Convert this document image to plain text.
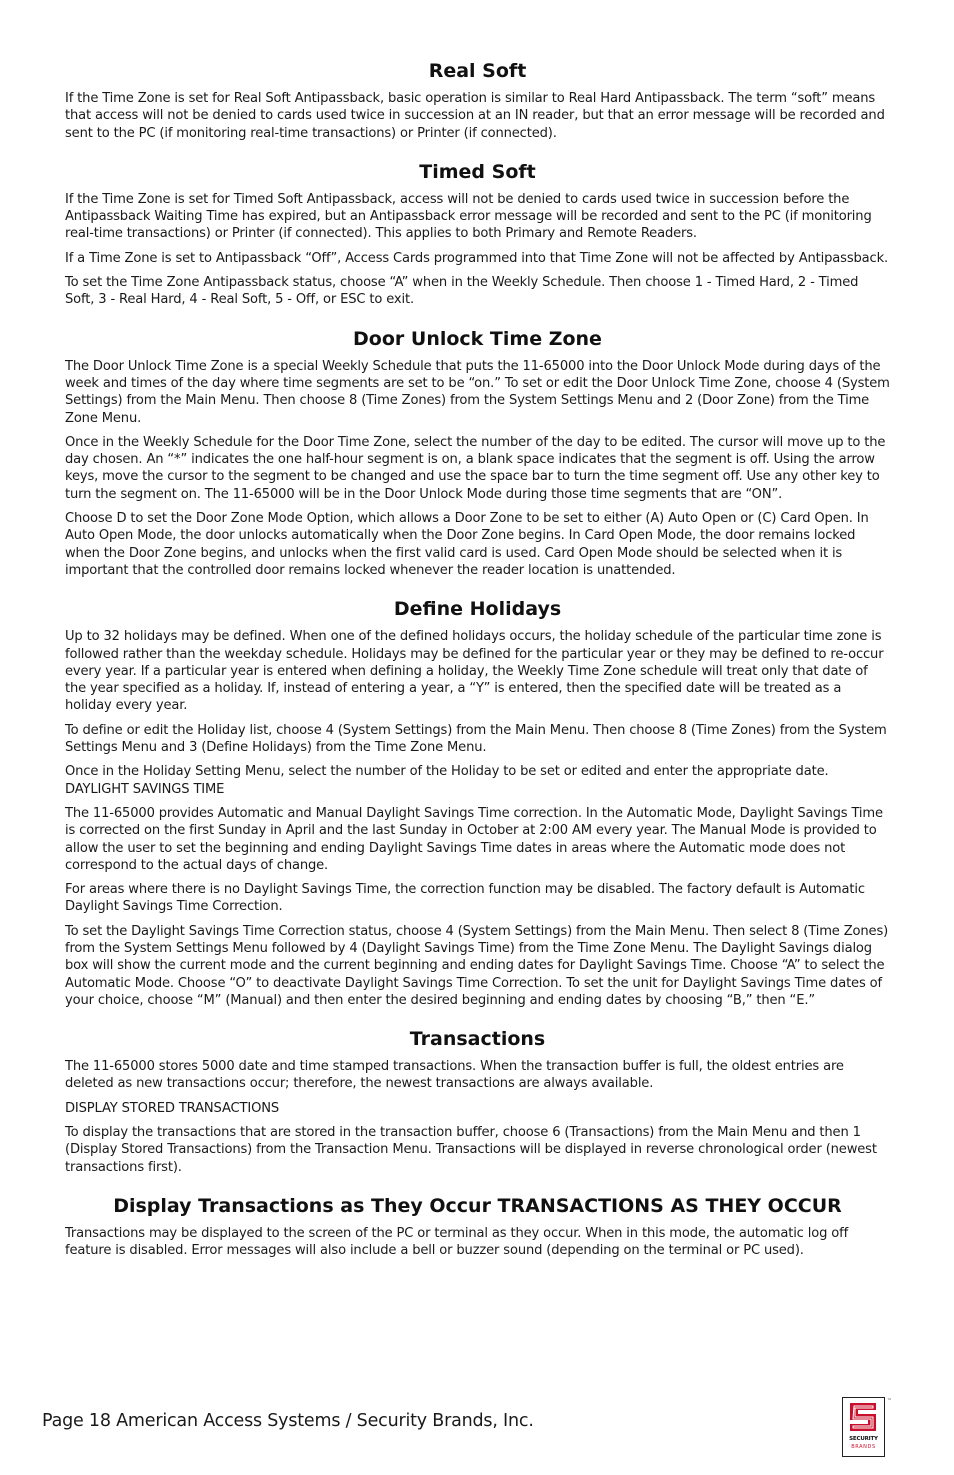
Real Soft

If the Time Zone is set for Real Soft Antipassback, basic operation is similar to Real Hard Antipassback. The term “soft” means that access will not be denied to cards used twice in succession at an IN reader, but that an error message will be recorded and sent to the PC (if monitoring real-time transactions) or Printer (if connected).

Timed Soft

If the Time Zone is set for Timed Soft Antipassback, access will not be denied to cards used twice in succession before the Antipassback Waiting Time has expired, but an Antipassback error message will be recorded and sent to the PC (if monitoring real-time transactions) or Printer (if connected). This applies to both Primary and Remote Readers.

If a Time Zone is set to Antipassback “Off”, Access Cards programmed into that Time Zone will not be affected by Antipassback.

To set the Time Zone Antipassback status, choose “A” when in the Weekly Schedule. Then choose 1 - Timed Hard, 2 - Timed Soft, 3 - Real Hard, 4 - Real Soft, 5 - Off, or ESC to exit.

Door Unlock Time Zone

The Door Unlock Time Zone is a special Weekly Schedule that puts the 11-65000 into the Door Unlock Mode during days of the week and times of the day where time segments are set to be “on.” To set or edit the Door Unlock Time Zone, choose 4 (System Settings) from the Main Menu. Then choose 8 (Time Zones) from the System Settings Menu and 2 (Door Zone) from the Time Zone Menu.

Once in the Weekly Schedule for the Door Time Zone, select the number of the day to be edited. The cursor will move up to the day chosen. An “*” indicates the one half-hour segment is on, a blank space indicates that the segment is off. Using the arrow keys, move the cursor to the segment to be changed and use the space bar to turn the time segment off. Use any other key to turn the segment on. The 11-65000 will be in the Door Unlock Mode during those time segments that are “ON”.

Choose D to set the Door Zone Mode Option, which allows a Door Zone to be set to either (A) Auto Open or (C) Card Open. In Auto Open Mode, the door unlocks automatically when the Door Zone begins. In Card Open Mode, the door remains locked when the Door Zone begins, and unlocks when the first valid card is used. Card Open Mode should be selected when it is important that the controlled door remains locked whenever the reader location is unattended.

Define Holidays

Up to 32 holidays may be defined. When one of the defined holidays occurs, the holiday schedule of the particular time zone is followed rather than the weekday schedule. Holidays may be defined for the particular year or they may be defined to re-occur every year. If a particular year is entered when defining a holiday, the Weekly Time Zone schedule will treat only that date of the year specified as a holiday. If, instead of entering a year, a “Y” is entered, then the specified date will be treated as a holiday every year.

To define or edit the Holiday list, choose 4 (System Settings) from the Main Menu. Then choose 8 (Time Zones) from the System Settings Menu and 3 (Define Holidays) from the Time Zone Menu.

Once in the Holiday Setting Menu, select the number of the Holiday to be set or edited and enter the appropriate date. DAYLIGHT SAVINGS TIME

The 11-65000 provides Automatic and Manual Daylight Savings Time correction. In the Automatic Mode, Daylight Savings Time is corrected on the first Sunday in April and the last Sunday in October at 2:00 AM every year. The Manual Mode is provided to allow the user to set the beginning and ending Daylight Savings Time dates in areas where the Automatic mode does not correspond to the actual days of change.

For areas where there is no Daylight Savings Time, the correction function may be disabled. The factory default is Automatic Daylight Savings Time Correction.

To set the Daylight Savings Time Correction status, choose 4 (System Settings) from the Main Menu. Then select 8 (Time Zones) from the System Settings Menu followed by 4 (Daylight Savings Time) from the Time Zone Menu. The Daylight Savings dialog box will show the current mode and the current beginning and ending dates for Daylight Savings Time. Choose “A” to select the Automatic Mode. Choose “O” to deactivate Daylight Savings Time Correction. To set the unit for Daylight Savings Time dates of your choice, choose “M” (Manual) and then enter the desired beginning and ending dates by choosing “B,” then “E.”

Transactions

The 11-65000 stores 5000 date and time stamped transactions. When the transaction buffer is full, the oldest entries are deleted as new transactions occur; therefore, the newest transactions are always available.

DISPLAY STORED TRANSACTIONS

To display the transactions that are stored in the transaction buffer, choose 6 (Transactions) from the Main Menu and then 1 (Display Stored Transactions) from the Transaction Menu. Transactions will be displayed in reverse chronological order (newest transactions first).

Display Transactions as They Occur TRANSACTIONS AS THEY OCCUR

Transactions may be displayed to the screen of the PC or terminal as they occur. When in this mode, the automatic log off feature is disabled. Error messages will also include a bell or buzzer sound (depending on the terminal or PC used).

Page 18 American Access Systems / Security Brands, Inc.
SECURITY
BRANDS
™
